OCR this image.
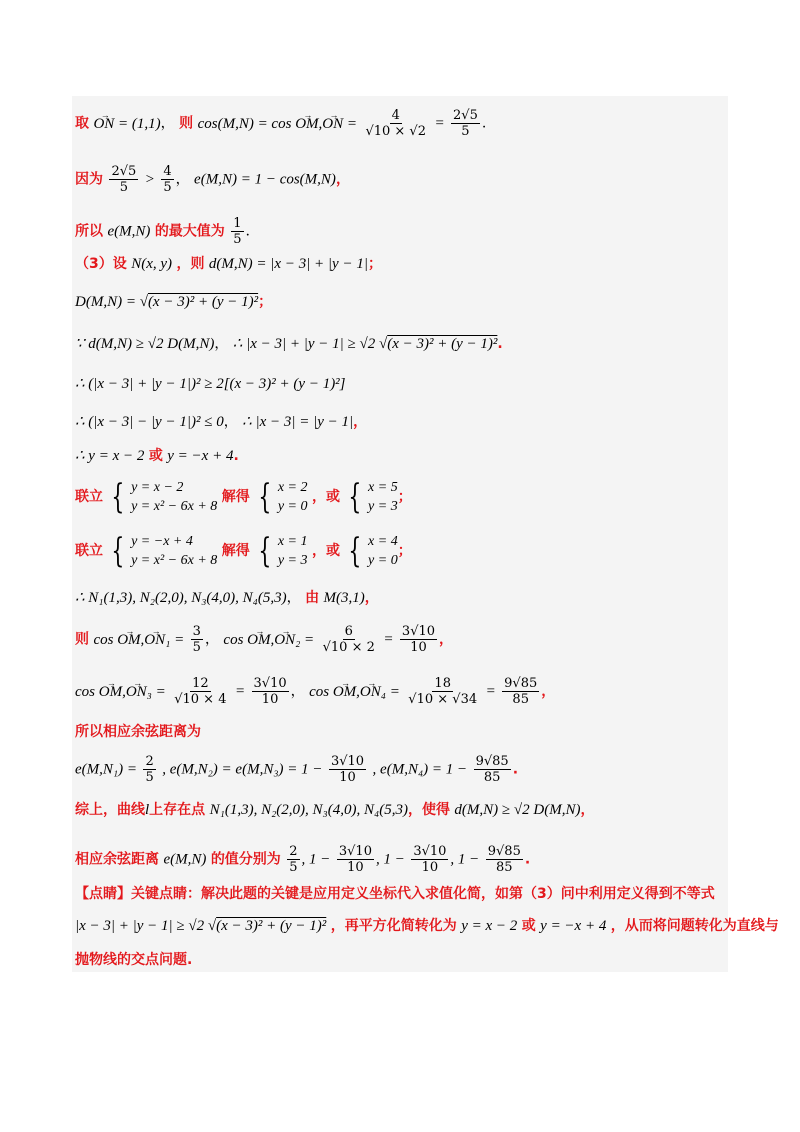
取 → ON = (1,1)， 则 cos(M,N) = cos → OM,→ ON = $\frac{4}{√10 \times √2} = \frac{2√5}{5}$ .
因为 $\frac{2√5}{5} > \frac{4}{5}$ ， e(M,N) = 1 − cos(M,N)，
所以 e(M,N) 的最大值为 $\frac{1}{5}$ .
（3）设 N(x, y) ，则 d(M,N) = |x − 3| + |y − 1|；
D(M,N) = √(x − 3)² + (y − 1)²；
∵ d(M,N) ≥ √2 D(M,N)， ∴ |x − 3| + |y − 1| ≥ √2 √(x − 3)² + (y − 1)².
∴ (|x − 3| + |y − 1|)² ≥ 2[(x − 3)² + (y − 1)²]
∴ (|x − 3| − |y − 1|)² ≤ 0， ∴ |x − 3| = |y − 1|，
∴ y = x − 2 或 y = −x + 4.
联立 { y = x − 2
y = x² − 6x + 8
解得 { x = 2
y = 0
，或 { x = 5
y = 3
；
联立 { y = −x + 4
y = x² − 6x + 8
解得 { x = 1
y = 3
，或 { x = 4
y = 0
；
∴ N₁(1,3), N₂(2,0), N₃(4,0), N₄(5,3)， 由 M(3,1)，
则 $\cos \to OM,\to ON_1 = \frac{3}{5}$ ， $\cos \to OM,\to ON_2 = \frac{6}{√10 \times 2} = \frac{3√10}{10}$ ，
$\cos \to OM,\to ON_3 = \frac{12}{√10 \times 4} = \frac{3√10}{10}$ ， $\cos \to OM,\to ON_4 = \frac{18}{√10 \times √34} = \frac{9√85}{85}$ ，
所以相应余弦距离为
$e(M,N_1) = \frac{2}{5}$ , $e(M,N_2) = e(M,N_3) = 1 - \frac{3√10}{10}$ , $e(M,N_4) = 1 - \frac{9√85}{85}$ .
综上，曲线l上存在点 N₁(1,3), N₂(2,0), N₃(4,0), N₄(5,3)，使得 d(M,N) ≥ √2 D(M,N)，
相应余弦距离 e(M,N) 的值分别为 $\frac{2}{5}$ , $1 - \frac{3√10}{10}$ , $1 - \frac{3√10}{10}$ , $1 - \frac{9√85}{85}$ .
【点睛】关键点睛：解决此题的关键是应用定义坐标代入求值化简，如第（3）问中利用定义得到不等式
|x − 3| + |y − 1| ≥ √2 √(x − 3)² + (y − 1)² ，再平方化简转化为 y = x − 2 或 y = −x + 4 ，从而将问题转化为直线与
抛物线的交点问题.
